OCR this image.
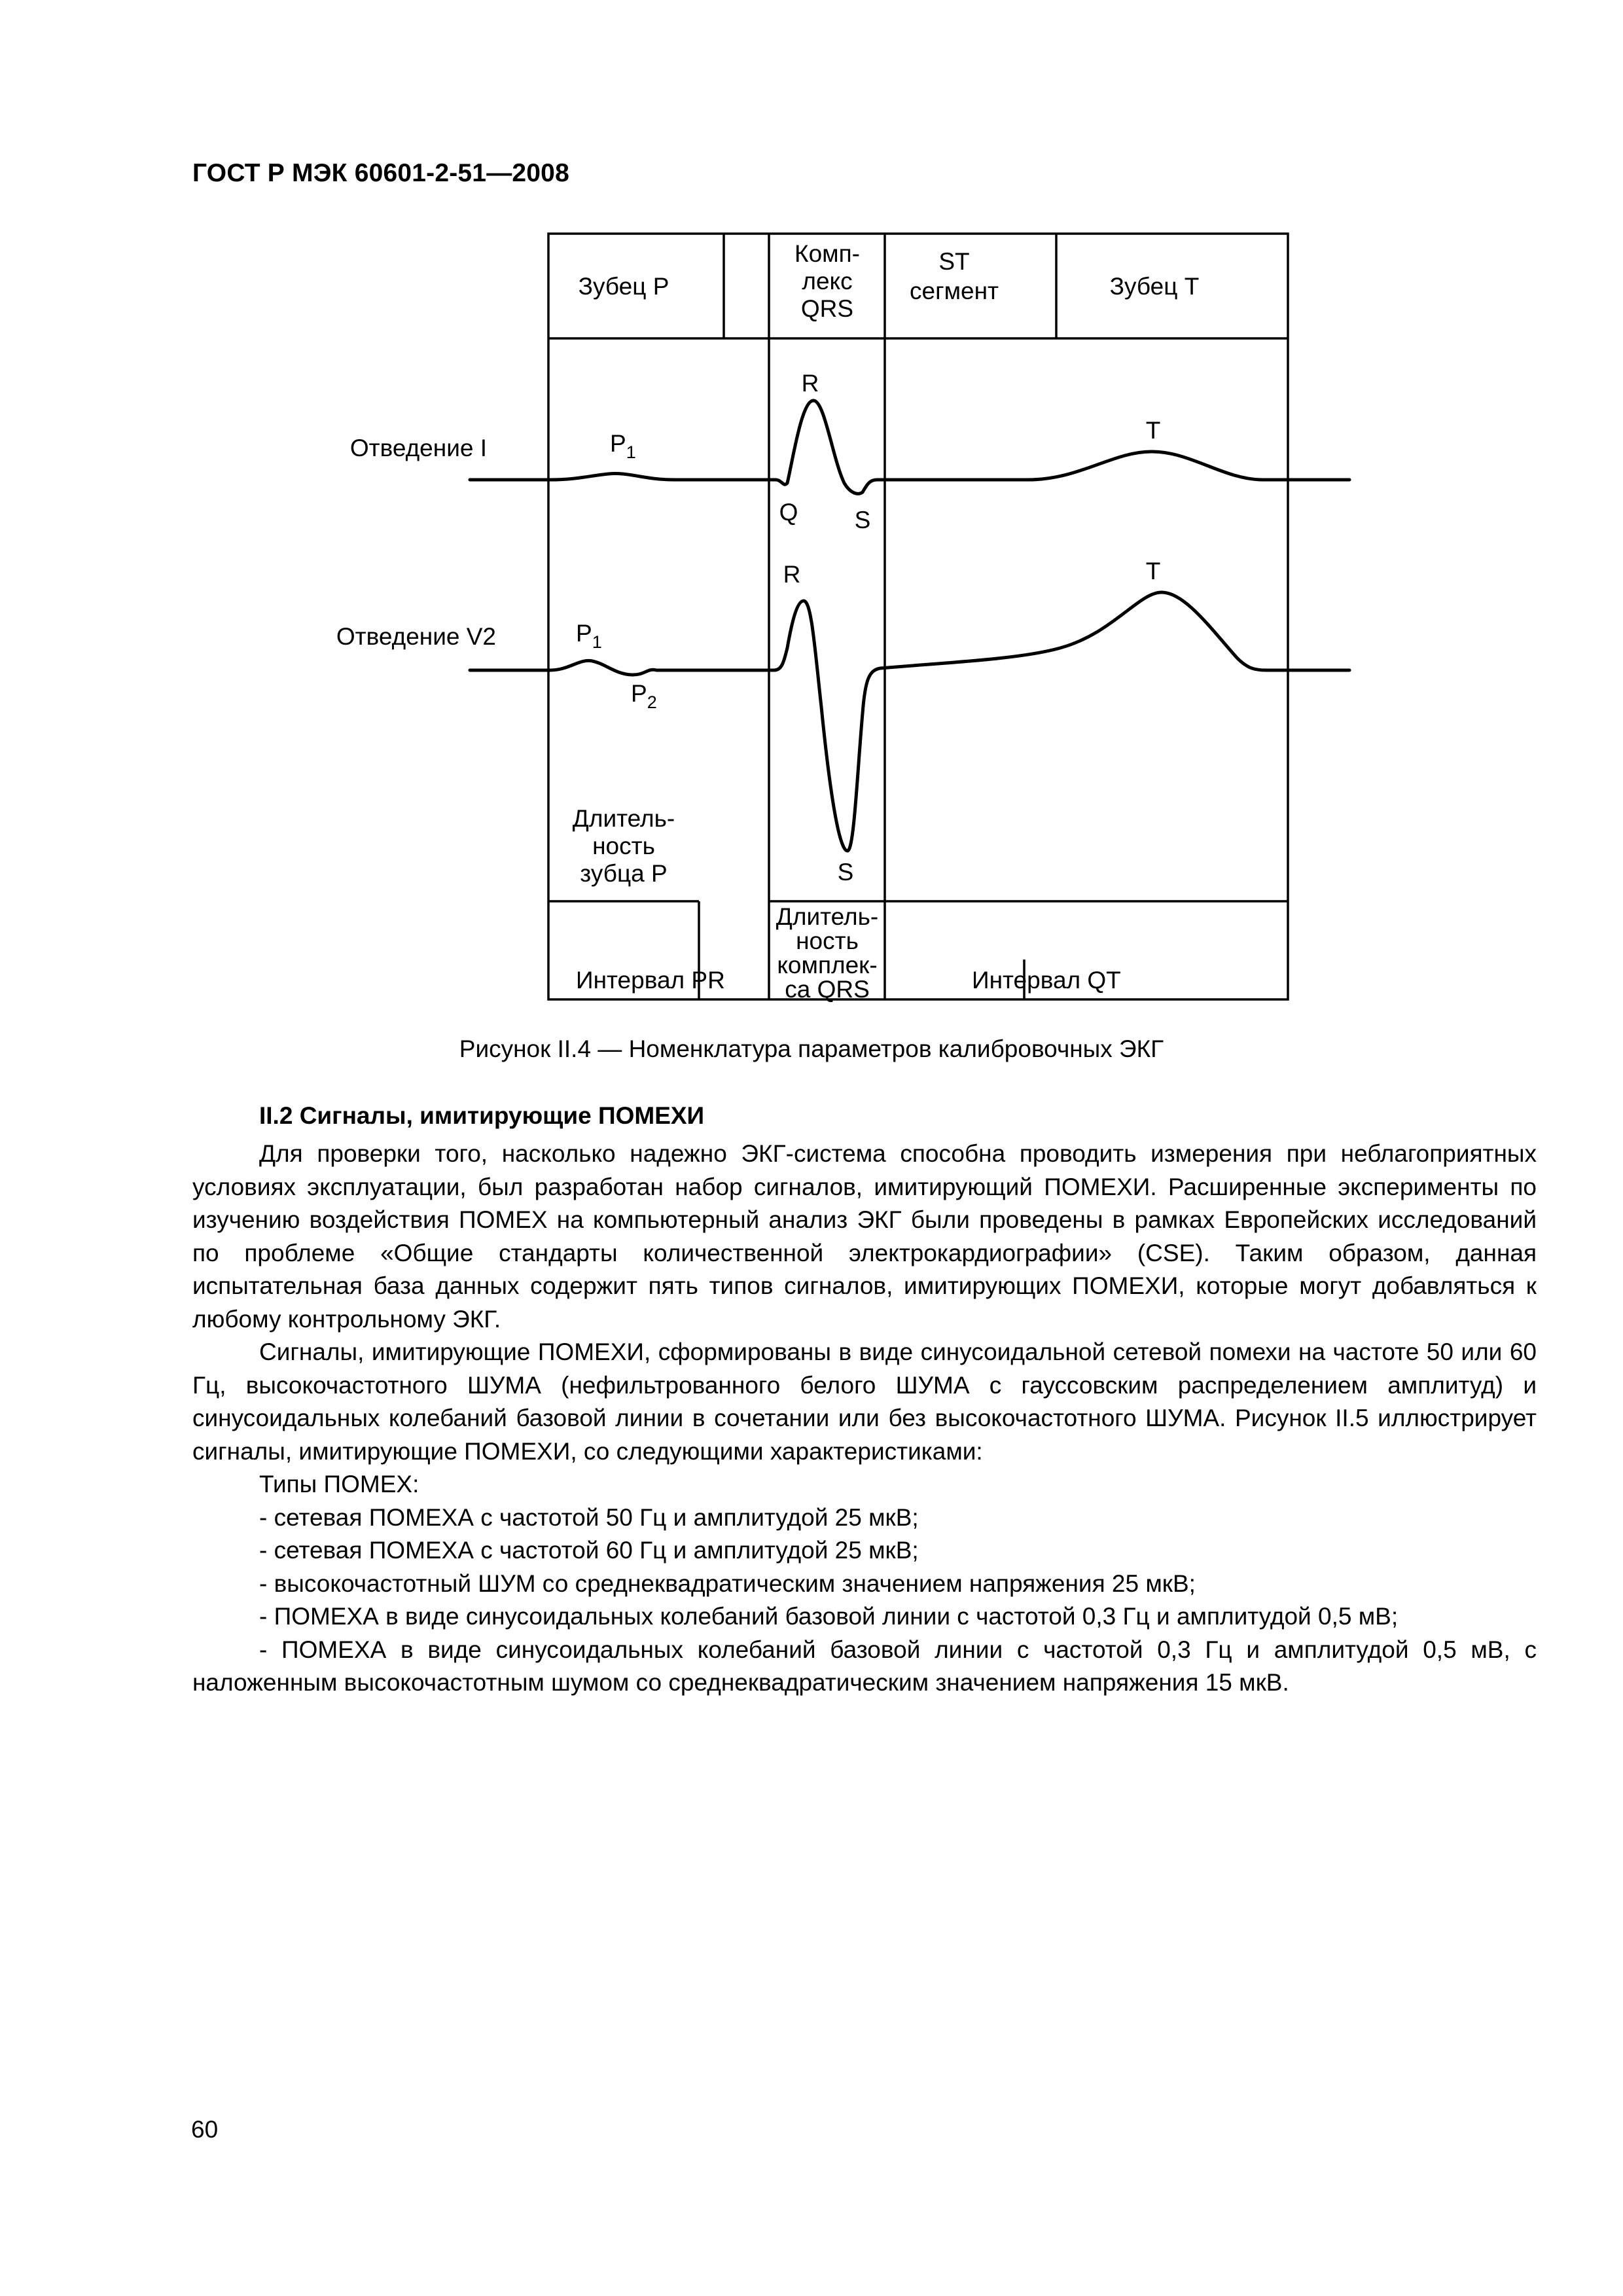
ГОСТ Р МЭК 60601-2-51—2008
Зубец P
Комп-
лекс
QRS
ST
сегмент	Зубец T
Отведение I
Отведение V2
$P_1$
R
Q S
T
R	T
$P_1$
$P_2$
S
Длитель-
ность
зубца P
Длитель-
ность
комплек-
са QRS
Интервал PR	Интервал QT
Рисунок II.4 — Номенклатура параметров калибровочных ЭКГ
II.2 Сигналы, имитирующие ПОМЕХИ

Для проверки того, насколько надежно ЭКГ-система способна проводить измерения при неблагоприятных условиях эксплуатации, был разработан набор сигналов, имитирующий ПОМЕХИ. Расширенные эксперименты по изучению воздействия ПОМЕХ на компьютерный анализ ЭКГ были проведены в рамках Европейских исследований по проблеме «Общие стандарты количественной электрокардиографии» (CSE). Таким образом, данная испытательная база данных содержит пять типов сигналов, имитирующих ПОМЕХИ, которые могут добавляться к любому контрольному ЭКГ.

Сигналы, имитирующие ПОМЕХИ, сформированы в виде синусоидальной сетевой помехи на частоте 50 или 60 Гц, высокочастотного ШУМА (нефильтрованного белого ШУМА с гауссовским распределением амплитуд) и синусоидальных колебаний базовой линии в сочетании или без высокочастотного ШУМА. Рисунок II.5 иллюстрирует сигналы, имитирующие ПОМЕХИ, со следующими характеристиками:

Типы ПОМЕХ:

- сетевая ПОМЕХА с частотой 50 Гц и амплитудой 25 мкВ;
- сетевая ПОМЕХА с частотой 60 Гц и амплитудой 25 мкВ;
- высокочастотный ШУМ со среднеквадратическим значением напряжения 25 мкВ;
- ПОМЕХА в виде синусоидальных колебаний базовой линии с частотой 0,3 Гц и амплитудой 0,5 мВ;
- ПОМЕХА в виде синусоидальных колебаний базовой линии с частотой 0,3 Гц и амплитудой 0,5 мВ, с наложенным высокочастотным шумом со среднеквадратическим значением напряжения 15 мкВ.
60
